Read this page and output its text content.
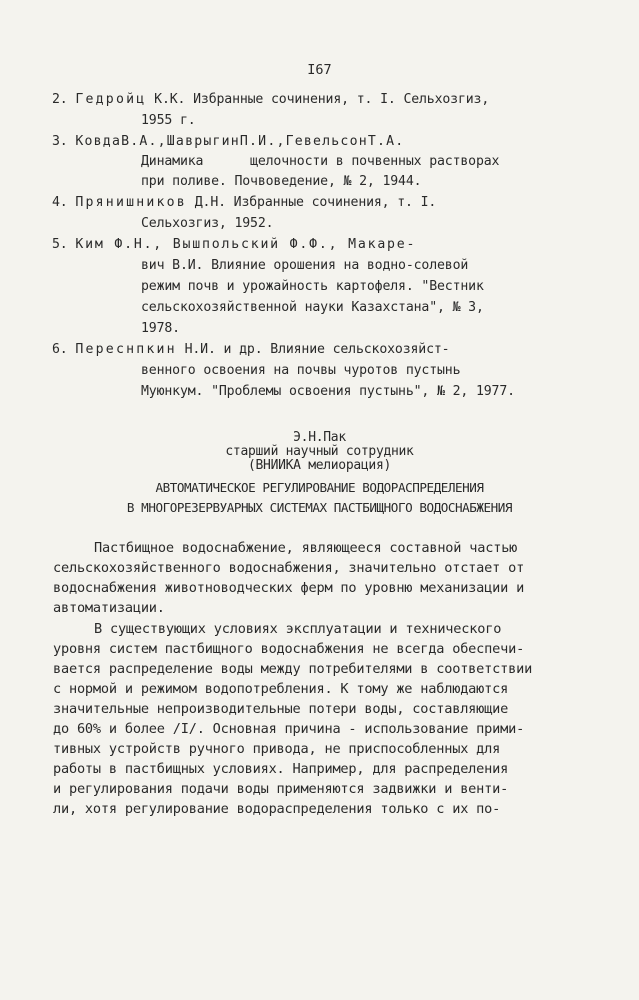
I67
2. Гедройц К.К. Избранные сочинения, т. I. Сельхозгиз,
1955 г.
3. КовдаВ.А.,ШаврыгинП.И.,ГевельсонТ.А.
Динамика      щелочности в почвенных растворах
при поливе. Почвоведение, № 2, 1944.
4. Прянишников Д.Н. Избранные сочинения, т. I.
Сельхозгиз, 1952.
5. Ким Ф.Н., Вышпольский Ф.Ф., Макаре-
вич В.И. Влияние орошения на водно-солевой
режим почв и урожайность картофеля. "Вестник
сельскохозяйственной науки Казахстана", № 3,
1978.
6. Переснпкин Н.И. и др. Влияние сельскохозяйст-
венного освоения на почвы чуротов пустынь
Муюнкум. "Проблемы освоения пустынь", № 2, 1977.
Э.Н.Пак
старший научный сотрудник
(ВНИИКА мелиорация)
АВТОМАТИЧЕСКОЕ РЕГУЛИРОВАНИЕ ВОДОРАСПРЕДЕЛЕНИЯ
В МНОГОРЕЗЕРВУАРНЫХ СИСТЕМАХ ПАСТБИЩНОГО ВОДОСНАБЖЕНИЯ
Пастбищное водоснабжение, являющееся составной частью
сельскохозяйственного водоснабжения, значительно отстает от
водоснабжения животноводческих ферм по уровню механизации и
автоматизации.
В существующих условиях эксплуатации и технического
уровня систем пастбищного водоснабжения не всегда обеспечи-
вается распределение воды между потребителями в соответствии
с нормой и режимом водопотребления. К тому же наблюдаются
значительные непроизводительные потери воды, составляющие
до 60% и более /I/. Основная причина - использование прими-
тивных устройств ручного привода, не приспособленных для
работы в пастбищных условиях. Например, для распределения
и регулирования подачи воды применяются задвижки и венти-
ли, хотя регулирование водораспределения только с их по-
